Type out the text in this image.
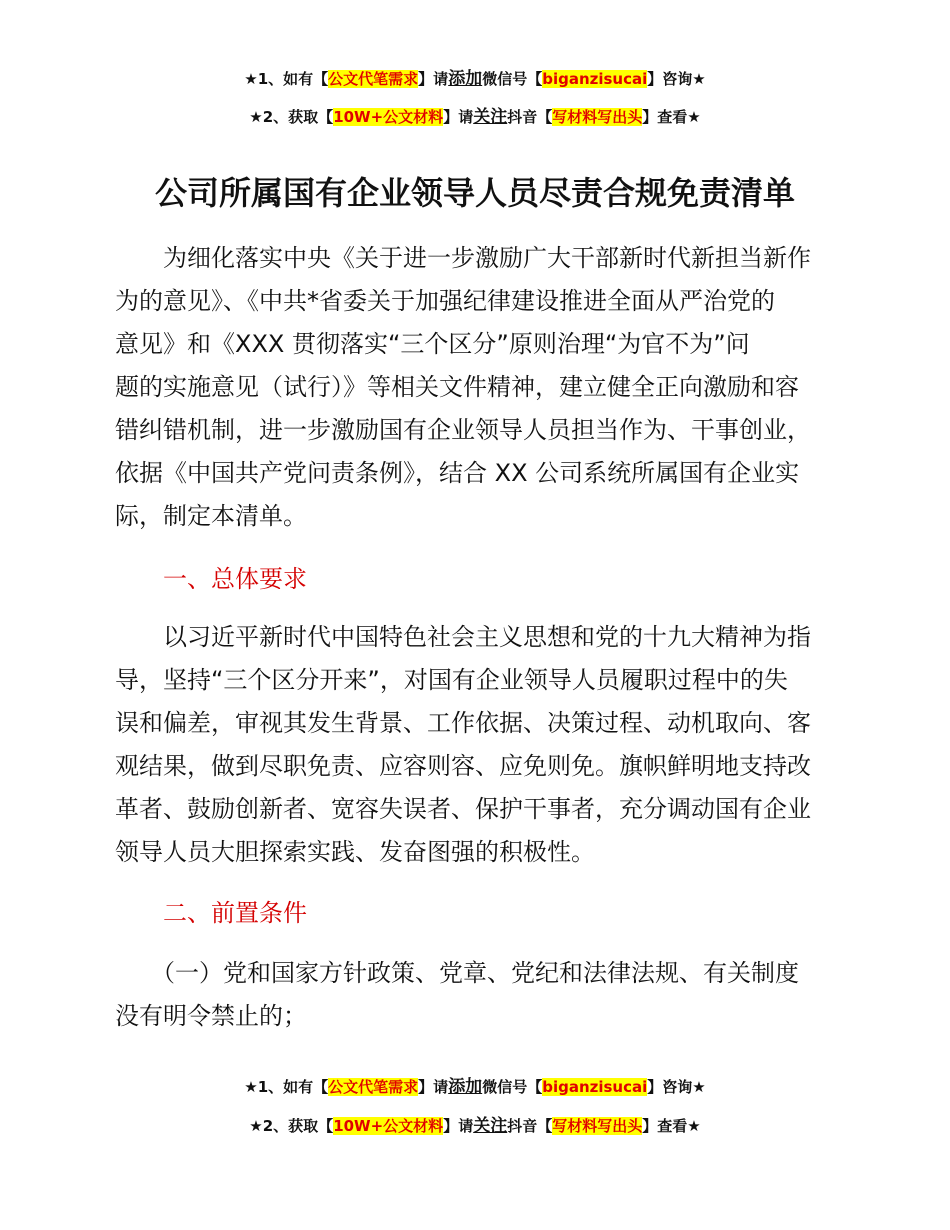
★1、如有【公文代笔需求】请添加微信号【biganzisucai】咨询★
★2、获取【10W+公文材料】请关注抖音【写材料写出头】查看★
公司所属国有企业领导人员尽责合规免责清单
　　为细化落实中央《关于进一步激励广大干部新时代新担当新作
为的意见》、《中共*省委关于加强纪律建设推进全面从严治党的
意见》和《XXX 贯彻落实“三个区分”原则治理“为官不为”问
题的实施意见（试行）》等相关文件精神，建立健全正向激励和容
错纠错机制，进一步激励国有企业领导人员担当作为、干事创业，
依据《中国共产党问责条例》，结合 XX 公司系统所属国有企业实
际，制定本清单。
一、总体要求
　　以习近平新时代中国特色社会主义思想和党的十九大精神为指
导，坚持“三个区分开来”，对国有企业领导人员履职过程中的失
误和偏差，审视其发生背景、工作依据、决策过程、动机取向、客
观结果，做到尽职免责、应容则容、应免则免。旗帜鲜明地支持改
革者、鼓励创新者、宽容失误者、保护干事者，充分调动国有企业
领导人员大胆探索实践、发奋图强的积极性。
二、前置条件
　　（一）党和国家方针政策、党章、党纪和法律法规、有关制度
没有明令禁止的；
★1、如有【公文代笔需求】请添加微信号【biganzisucai】咨询★
★2、获取【10W+公文材料】请关注抖音【写材料写出头】查看★
